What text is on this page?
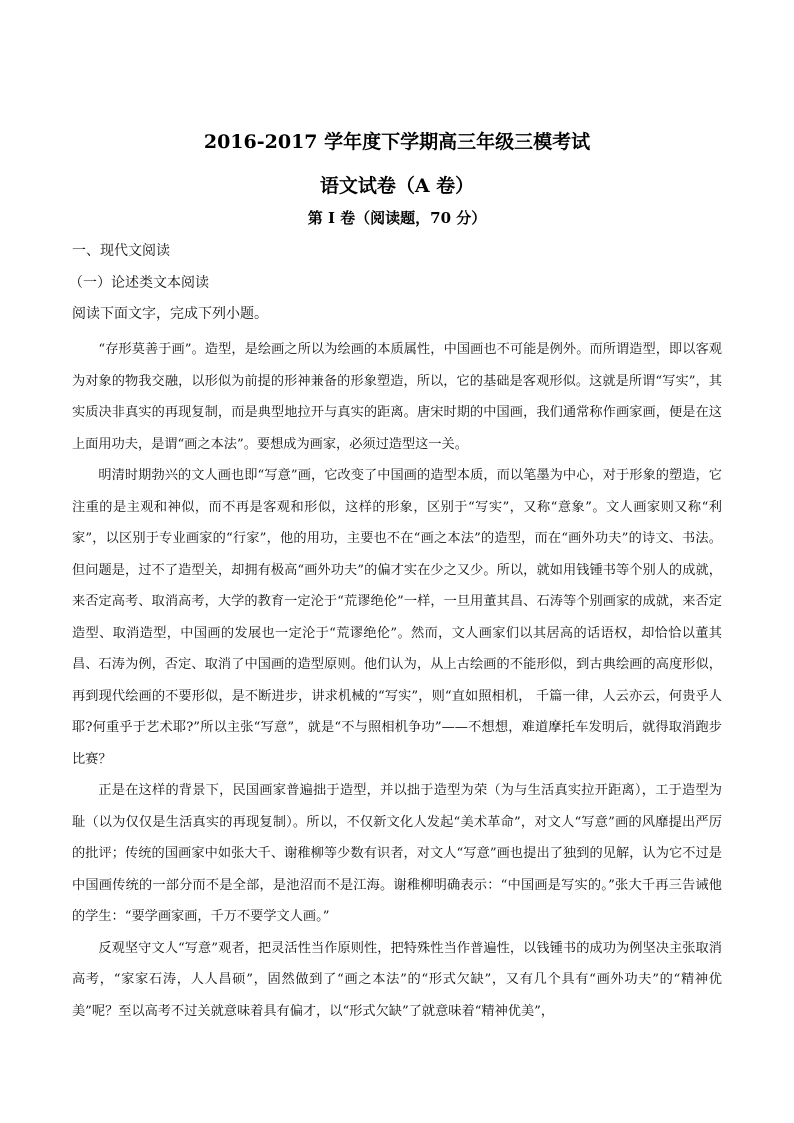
2016-2017 学年度下学期高三年级三模考试
语文试卷（A 卷）
第 I 卷（阅读题，70 分）
一、现代文阅读
（一）论述类文本阅读
阅读下面文字，完成下列小题。

“存形莫善于画”。造型，是绘画之所以为绘画的本质属性，中国画也不可能是例外。而所谓造型，即以客观为对象的物我交融，以形似为前提的形神兼备的形象塑造，所以，它的基础是客观形似。这就是所谓“写实”，其实质决非真实的再现复制，而是典型地拉开与真实的距离。唐宋时期的中国画，我们通常称作画家画，便是在这上面用功夫，是谓“画之本法”。要想成为画家，必须过造型这一关。

明清时期勃兴的文人画也即“写意”画，它改变了中国画的造型本质，而以笔墨为中心，对于形象的塑造，它注重的是主观和神似，而不再是客观和形似，这样的形象，区别于“写实”，又称“意象”。文人画家则又称“利家”，以区别于专业画家的“行家”，他的用功，主要也不在“画之本法”的造型，而在“画外功夫”的诗文、书法。但问题是，过不了造型关，却拥有极高“画外功夫”的偏才实在少之又少。所以，就如用钱锺书等个别人的成就，来否定高考、取消高考，大学的教育一定沦于“荒谬绝伦”一样，一旦用董其昌、石涛等个别画家的成就，来否定造型、取消造型，中国画的发展也一定沦于“荒谬绝伦”。然而，文人画家们以其居高的话语权，却恰恰以董其昌、石涛为例，否定、取消了中国画的造型原则。他们认为，从上古绘画的不能形似，到古典绘画的高度形似，再到现代绘画的不要形似，是不断进步，讲求机械的“写实”，则“直如照相机， 千篇一律，人云亦云，何贵乎人耶?何重乎于艺术耶?”所以主张“写意”，就是“不与照相机争功”——不想想，难道摩托车发明后，就得取消跑步比赛？

正是在这样的背景下，民国画家普遍拙于造型，并以拙于造型为荣（为与生活真实拉开距离），工于造型为耻（以为仅仅是生活真实的再现复制）。所以，不仅新文化人发起“美术革命”，对文人“写意”画的风靡提出严厉的批评；传统的国画家中如张大千、谢稚柳等少数有识者，对文人“写意”画也提出了独到的见解，认为它不过是中国画传统的一部分而不是全部，是池沼而不是江海。谢稚柳明确表示：“中国画是写实的。”张大千再三告诫他的学生：“要学画家画，千万不要学文人画。”

反观坚守文人“写意”观者，把灵活性当作原则性，把特殊性当作普遍性，以钱锺书的成功为例坚决主张取消高考，“家家石涛，人人昌硕”，固然做到了“画之本法”的“形式欠缺”，又有几个具有“画外功夫”的“精神优美”呢？至以高考不过关就意味着具有偏才，以“形式欠缺”了就意味着“精神优美”，
